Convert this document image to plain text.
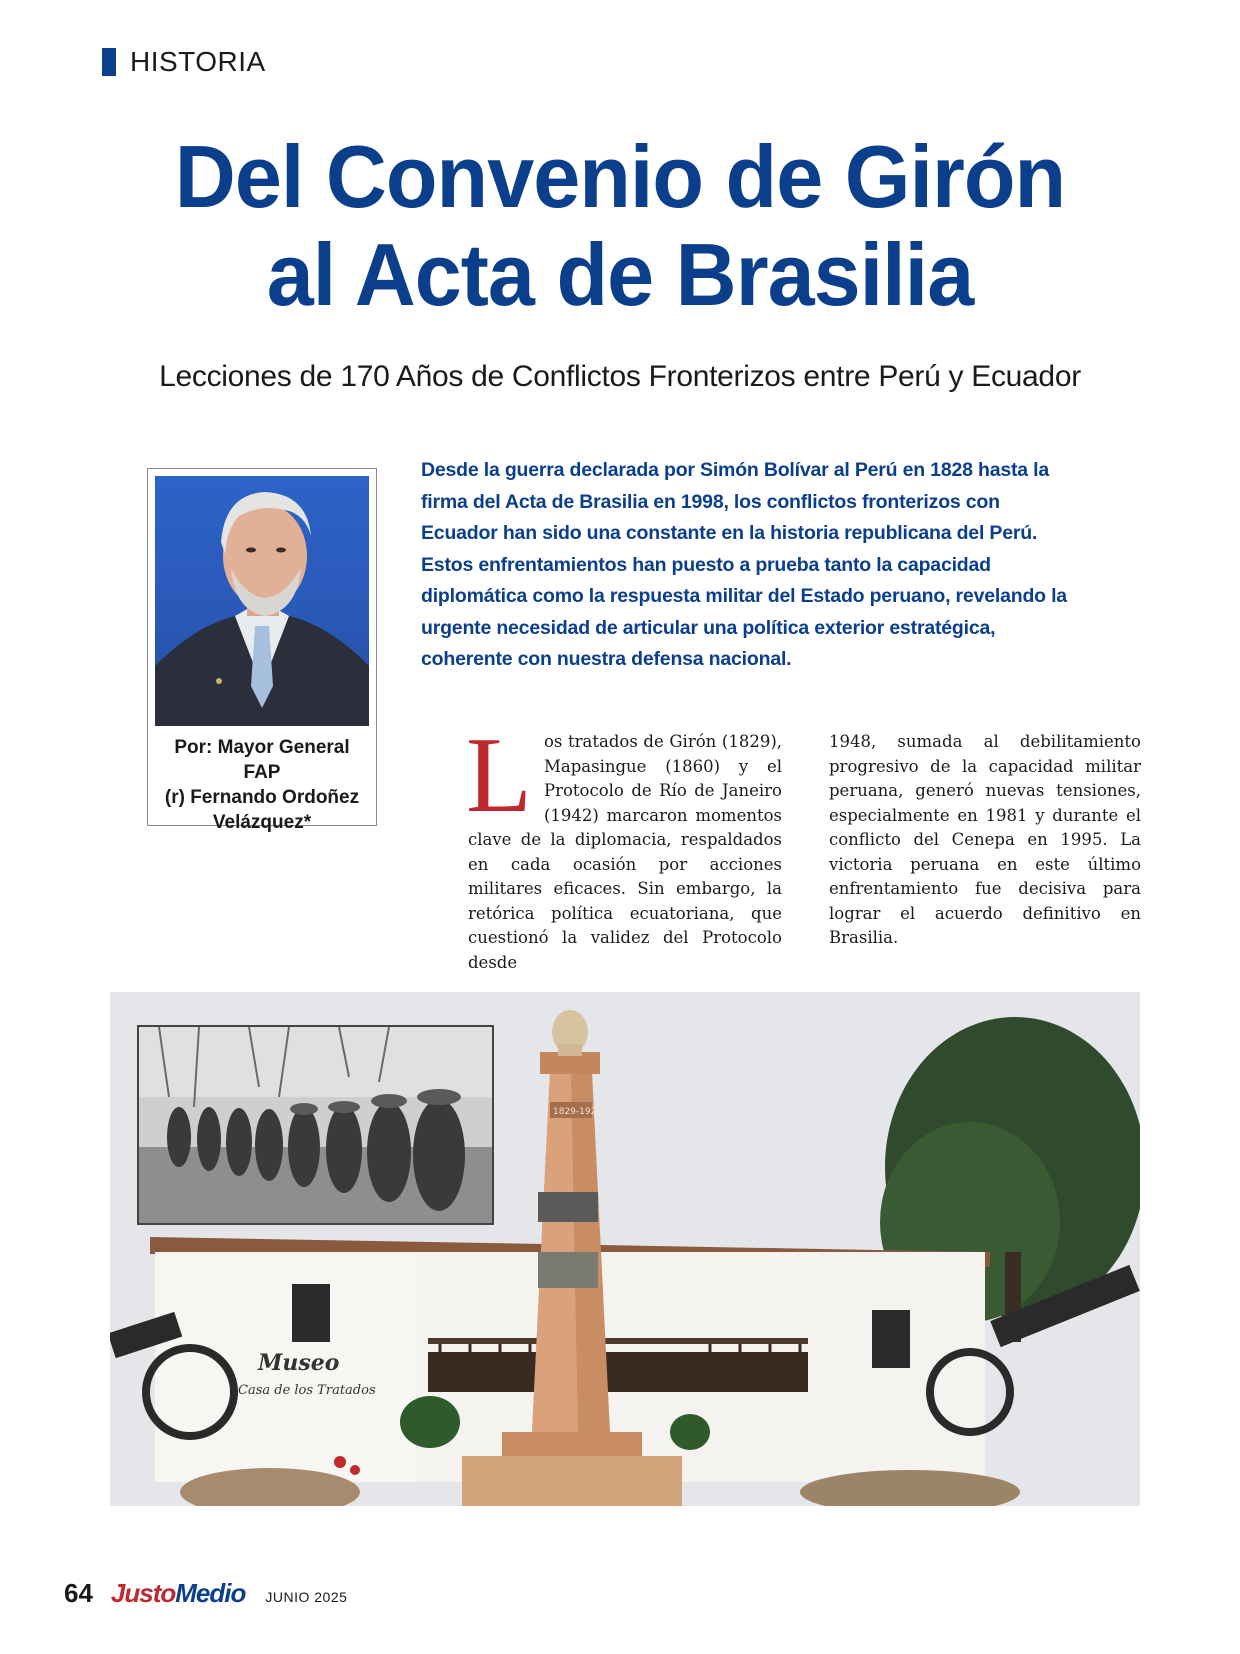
HISTORIA
Del Convenio de Girón
al Acta de Brasilia
Lecciones de 170 Años de Conflictos Fronterizos entre Perú y Ecuador
Por: Mayor General FAP
(r) Fernando Ordoñez
Velázquez*

Desde la guerra declarada por Simón Bolívar al Perú en 1828 hasta la firma del Acta de Brasilia en 1998, los conflictos fronterizos con Ecuador han sido una constante en la historia republicana del Perú. Estos enfrentamientos han puesto a prueba tanto la capacidad diplomática como la respuesta militar del Estado peruano, revelando la urgente necesidad de articular una política exterior estratégica, coherente con nuestra defensa nacional.

L os tratados de Girón (1829), Mapasingue (1860) y el Protocolo de Río de Janeiro (1942) marcaron momentos clave de la diplomacia, respaldados en cada ocasión por acciones militares eficaces. Sin embargo, la retórica política ecuatoriana, que cuestionó la validez del Protocolo desde
1948, sumada al debilitamiento progresivo de la capacidad militar peruana, generó nuevas tensiones, especialmente en 1981 y durante el conflicto del Cenepa en 1995. La victoria peruana en este último enfrentamiento fue decisiva para lograr el acuerdo definitivo en Brasilia.
Museo
Casa de los Tratados
1829-1929
64 Justo Medio JUNIO 2025
